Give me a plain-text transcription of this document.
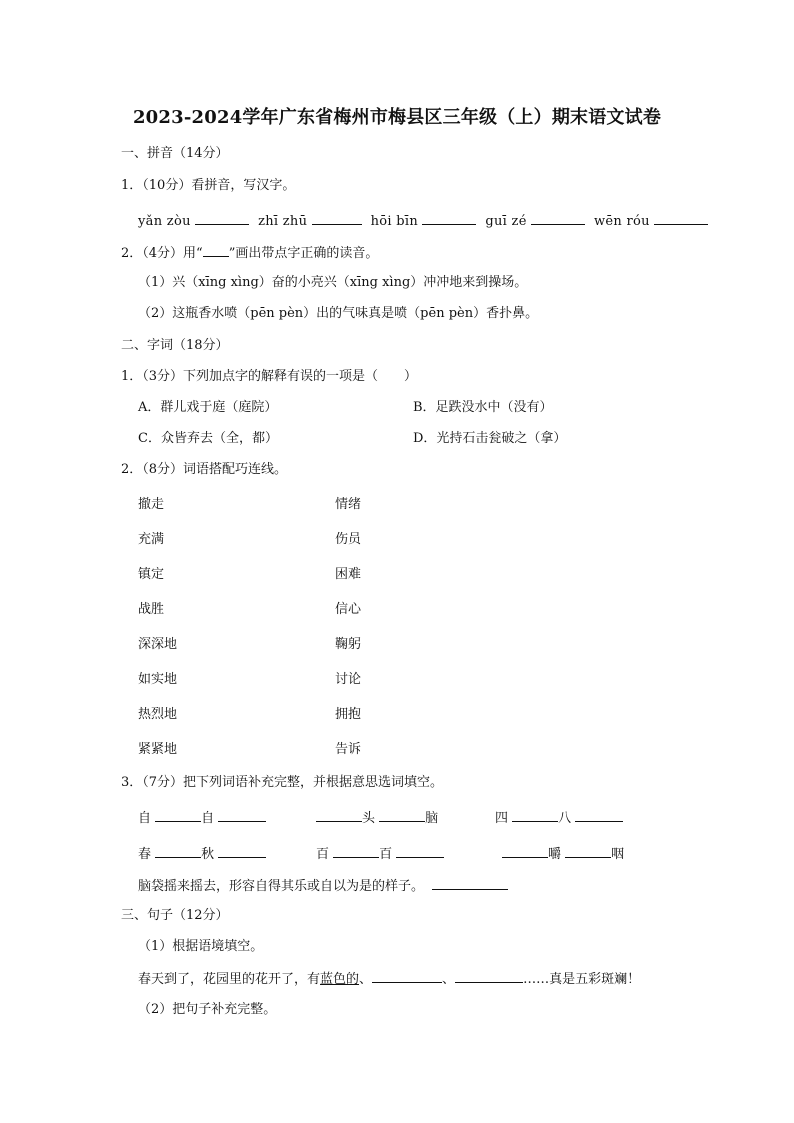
2023-2024学年广东省梅州市梅县区三年级（上）期末语文试卷
一、拼音（14分）
1．（10分）看拼音，写汉字。
yǎn zòu	zhī zhū	hōi bīn	guī zé	wēn róu
2．（4分）用“ ”画出带点字正确的读音。
（1）兴（xīng xìng）奋的小亮兴（xīng xìng）冲冲地来到操场。
（2）这瓶香水喷（pēn pèn）出的气味真是喷（pēn pèn）香扑鼻。
二、字词（18分）
1．（3分）下列加点字的解释有误的一项是（　　）
A．群儿戏于庭（庭院）	B．足跌没水中（没有）
C．众皆弃去（全，都）	D．光持石击瓮破之（拿）
2．（8分）词语搭配巧连线。
撤走	情绪
充满	伤员
镇定	困难
战胜	信心
深深地	鞠躬
如实地	讨论
热烈地	拥抱
紧紧地	告诉
3．（7分）把下列词语补充完整，并根据意思选词填空。
自	自	头	脑	四	八
春	秋	百	百	嚼	咽
脑袋摇来摇去，形容自得其乐或自以为是的样子。
三、句子（12分）
（1）根据语境填空。
春天到了，花园里的花开了，有蓝色的、	、	……真是五彩斑斓！
（2）把句子补充完整。
